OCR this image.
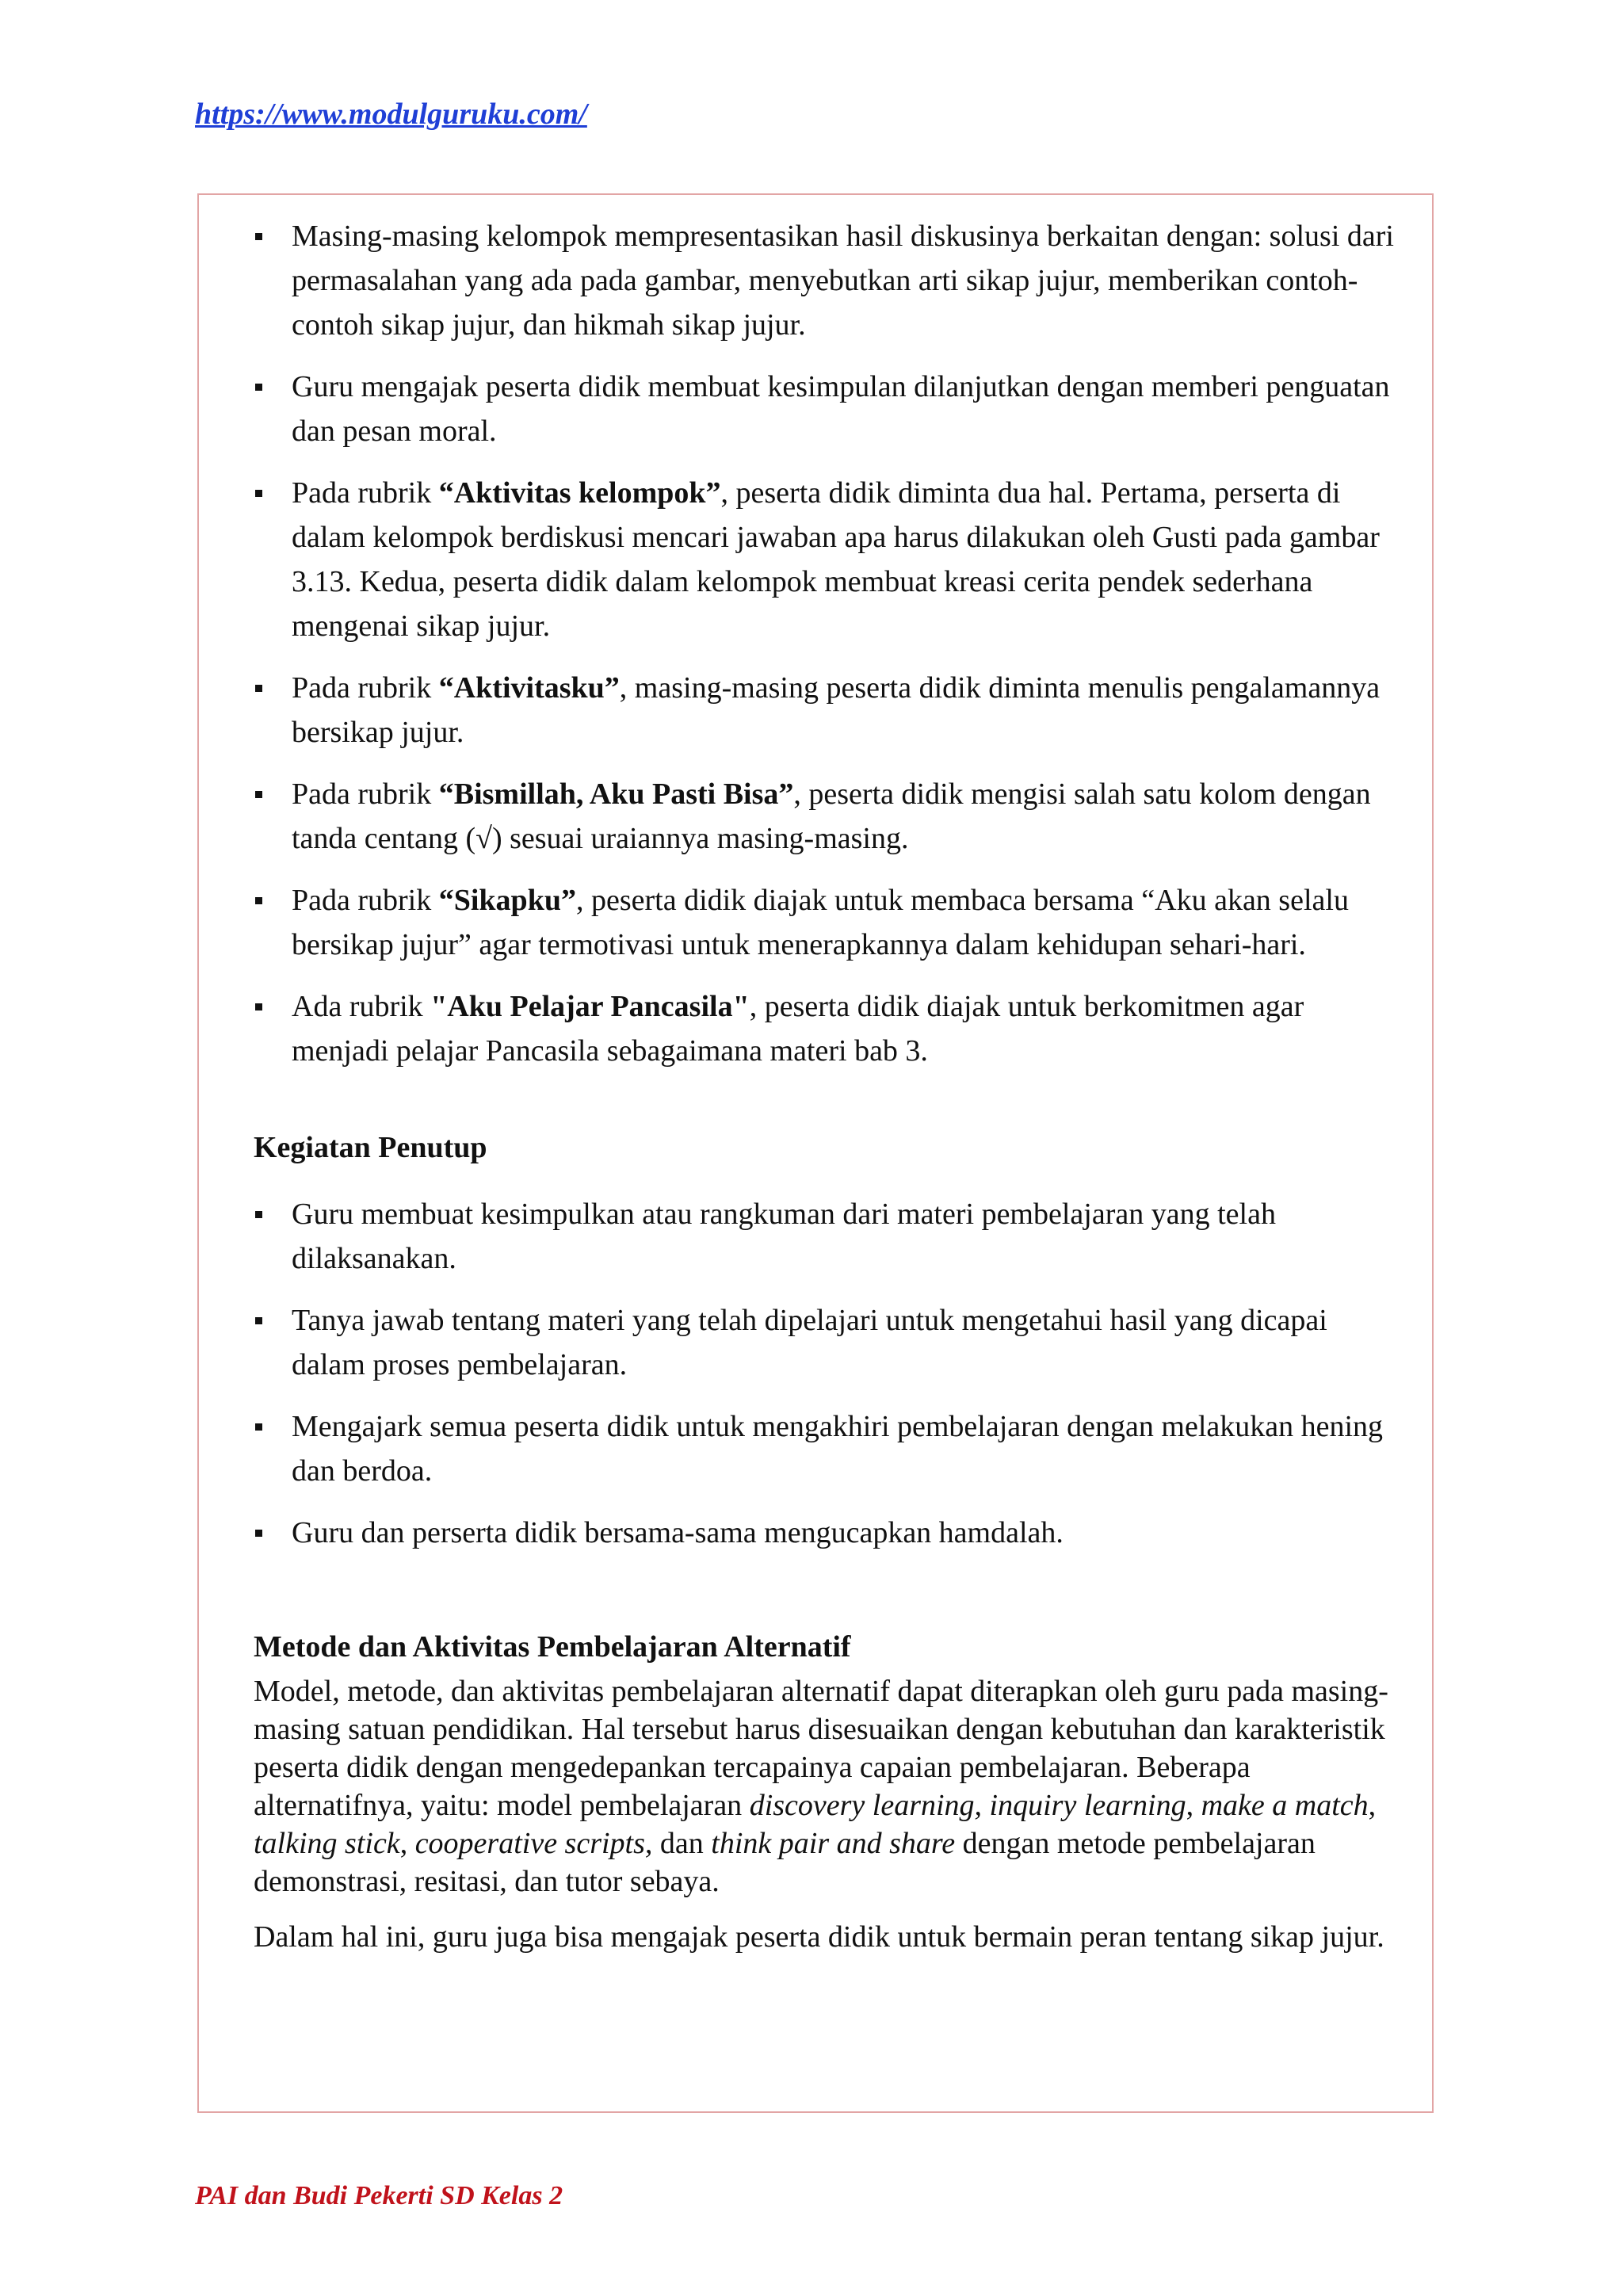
https://www.modulguruku.com/
Masing-masing kelompok mempresentasikan hasil diskusinya berkaitan dengan: solusi dari permasalahan yang ada pada gambar, menyebutkan arti sikap jujur, memberikan contoh-contoh sikap jujur, dan hikmah sikap jujur.
Guru mengajak peserta didik membuat kesimpulan dilanjutkan dengan memberi penguatan dan pesan moral.
Pada rubrik “Aktivitas kelompok”, peserta didik diminta dua hal. Pertama, perserta di dalam kelompok berdiskusi mencari jawaban apa harus dilakukan oleh Gusti pada gambar 3.13. Kedua, peserta didik dalam kelompok membuat kreasi cerita pendek sederhana mengenai sikap jujur.
Pada rubrik “Aktivitasku”, masing-masing peserta didik diminta menulis pengalamannya bersikap jujur.
Pada rubrik “Bismillah, Aku Pasti Bisa”, peserta didik mengisi salah satu kolom dengan tanda centang (√) sesuai uraiannya masing-masing.
Pada rubrik “Sikapku”, peserta didik diajak untuk membaca bersama “Aku akan selalu bersikap jujur” agar termotivasi untuk menerapkannya dalam kehidupan sehari-hari.
Ada rubrik "Aku Pelajar Pancasila", peserta didik diajak untuk berkomitmen agar menjadi pelajar Pancasila sebagaimana materi bab 3.

Kegiatan Penutup

Guru membuat kesimpulkan atau rangkuman dari materi pembelajaran yang telah dilaksanakan.
Tanya jawab tentang materi yang telah dipelajari untuk mengetahui hasil yang dicapai dalam proses pembelajaran.
Mengajark semua peserta didik untuk mengakhiri pembelajaran dengan melakukan hening dan berdoa.
Guru dan perserta didik bersama-sama mengucapkan hamdalah.

Metode dan Aktivitas Pembelajaran Alternatif

Model, metode, dan aktivitas pembelajaran alternatif dapat diterapkan oleh guru pada masing-masing satuan pendidikan. Hal tersebut harus disesuaikan dengan kebutuhan dan karakteristik peserta didik dengan mengedepankan tercapainya capaian pembelajaran. Beberapa alternatifnya, yaitu: model pembelajaran discovery learning, inquiry learning, make a match, talking stick, cooperative scripts, dan think pair and share dengan metode pembelajaran demonstrasi, resitasi, dan tutor sebaya.

Dalam hal ini, guru juga bisa mengajak peserta didik untuk bermain peran tentang sikap jujur.

PAI dan Budi Pekerti SD Kelas 2
